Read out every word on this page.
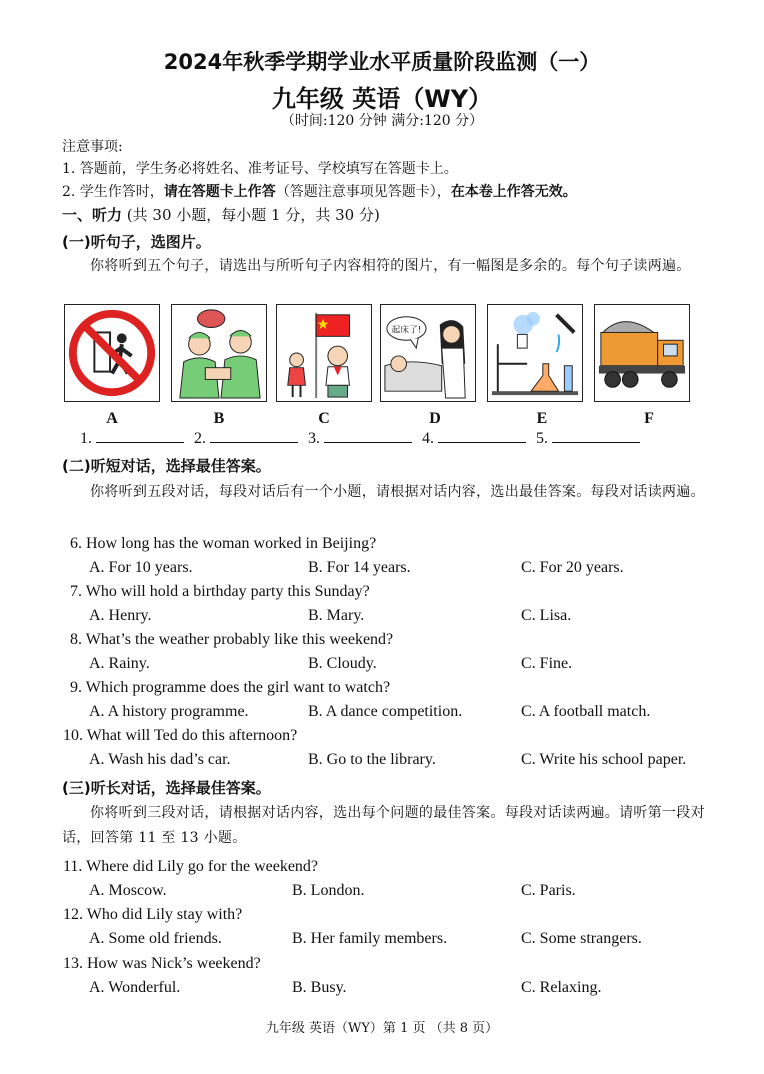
2024年秋季学期学业水平质量阶段监测（一）
九年级 英语（WY）
（时间:120 分钟 满分:120 分）
注意事项:
1. 答题前，学生务必将姓名、准考证号、学校填写在答题卡上。
2. 学生作答时，请在答题卡上作答（答题注意事项见答题卡），在本卷上作答无效。
一、听力 (共 30 小题，每小题 1 分，共 30 分)
(一)听句子，选图片。
你将听到五个句子，请选出与所听句子内容相符的图片，有一幅图是多余的。每个句子读两遍。
起床了!
A	B	C	D	E	F
1.	2.	3.	4.	5.
(二)听短对话，选择最佳答案。
你将听到五段对话，每段对话后有一个小题，请根据对话内容，选出最佳答案。每段对话读两遍。
6. How long has the woman worked in Beijing?
A. For 10 years.	B. For 14 years.	C. For 20 years.
7. Who will hold a birthday party this Sunday?
A. Henry.	B. Mary.	C. Lisa.
8. What’s the weather probably like this weekend?
A. Rainy.	B. Cloudy.	C. Fine.
9. Which programme does the girl want to watch?
A. A history programme.	B. A dance competition.	C. A football match.
10. What will Ted do this afternoon?
A. Wash his dad’s car.	B. Go to the library.	C. Write his school paper.
(三)听长对话，选择最佳答案。
你将听到三段对话，请根据对话内容，选出每个问题的最佳答案。每段对话读两遍。请听第一段对话，回答第 11 至 13 小题。
11. Where did Lily go for the weekend?
A. Moscow.	B. London.	C. Paris.
12. Who did Lily stay with?
A. Some old friends.	B. Her family members.	C. Some strangers.
13. How was Nick’s weekend?
A. Wonderful.	B. Busy.	C. Relaxing.
九年级 英语（WY）第 1 页 （共 8 页）
